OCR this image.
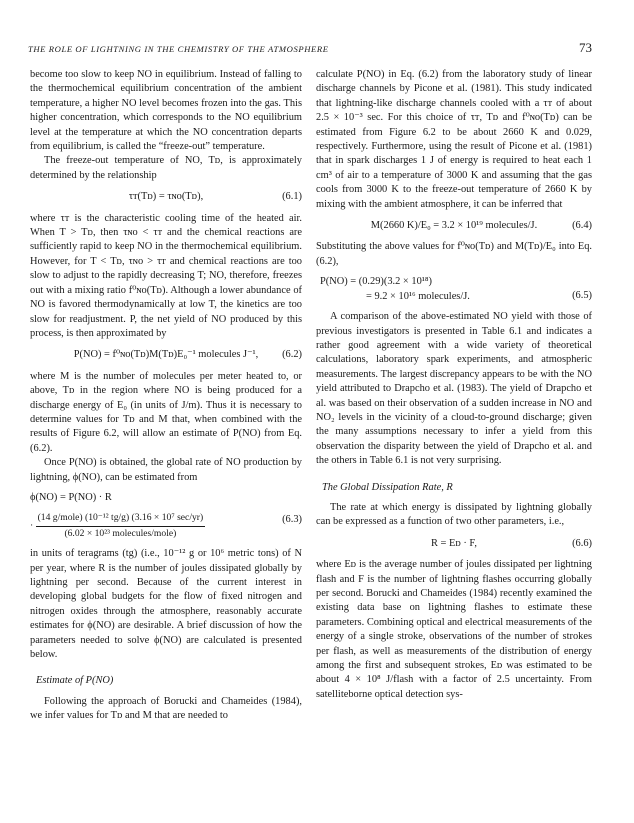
THE ROLE OF LIGHTNING IN THE CHEMISTRY OF THE ATMOSPHERE	73

become too slow to keep NO in equilibrium. Instead of falling to the thermochemical equilibrium concentration of the ambient temperature, a higher NO level becomes frozen into the gas. This higher concentration, which corresponds to the NO equilibrium level at the temperature at which the NO concentration departs from equilibrium, is called the “freeze-out” temperature.

The freeze-out temperature of NO, Tᴅ, is approximately determined by the relationship

τᴛ(Tᴅ) = τɴᴏ(Tᴅ),	(6.1)

where τᴛ is the characteristic cooling time of the heated air. When T > Tᴅ, then τɴᴏ < τᴛ and the chemical reactions are sufficiently rapid to keep NO in the thermochemical equilibrium. However, for T < Tᴅ, τɴᴏ > τᴛ and chemical reactions are too slow to adjust to the rapidly decreasing T; NO, therefore, freezes out with a mixing ratio f⁰ɴᴏ(Tᴅ). Although a lower abundance of NO is favored thermodynamically at low T, the kinetics are too slow for readjustment. P, the net yield of NO produced by this process, is then approximated by

P(NO) = f⁰ɴᴏ(Tᴅ)M(Tᴅ)E₀⁻¹ molecules J⁻¹, (6.2)

where M is the number of molecules per meter heated to, or above, Tᴅ in the region where NO is being produced for a discharge energy of E₀ (in units of J/m). Thus it is necessary to determine values for Tᴅ and M that, when combined with the results of Figure 6.2, will allow an estimate of P(NO) from Eq. (6.2).

Once P(NO) is obtained, the global rate of NO production by lightning, ϕ(NO), can be estimated from

ϕ(NO) = P(NO) · R
· $\frac{\text{(14 g/mole) (10⁻¹² tg/g) (3.16 × 10⁷ sec/yr)}}{\text{(6.02 × 10²³ molecules/mole)}}$	(6.3)

in units of teragrams (tg) (i.e., 10⁻¹² g or 10⁶ metric tons) of N per year, where R is the number of joules dissipated globally by lightning per second. Because of the current interest in developing global budgets for the flow of fixed nitrogen and nitrogen oxides through the atmosphere, reasonably accurate estimates for ϕ(NO) are desirable. A brief discussion of how the parameters needed to solve ϕ(NO) are calculated is presented below.

Estimate of P(NO)

Following the approach of Borucki and Chameides (1984), we infer values for Tᴅ and M that are needed to

calculate P(NO) in Eq. (6.2) from the laboratory study of linear discharge channels by Picone et al. (1981). This study indicated that lightning-like discharge channels cooled with a τᴛ of about 2.5 × 10⁻³ sec. For this choice of τᴛ, Tᴅ and f⁰ɴᴏ(Tᴅ) can be estimated from Figure 6.2 to be about 2660 K and 0.029, respectively. Furthermore, using the result of Picone et al. (1981) that in spark discharges 1 J of energy is required to heat each 1 cm³ of air to a temperature of 3000 K and assuming that the gas cools from 3000 K to the freeze-out temperature of 2660 K by mixing with the ambient atmosphere, it can be inferred that

M(2660 K)/E₀ = 3.2 × 10¹⁹ molecules/J.	(6.4)

Substituting the above values for f⁰ɴᴏ(Tᴅ) and M(Tᴅ)/E₀ into Eq. (6.2),

P(NO) = (0.29)(3.2 × 10¹⁸)
= 9.2 × 10¹⁶ molecules/J.	(6.5)

A comparison of the above-estimated NO yield with those of previous investigators is presented in Table 6.1 and indicates a rather good agreement with a wide variety of theoretical calculations, laboratory spark experiments, and atmospheric measurements. The largest discrepancy appears to be with the NO yield attributed to Drapcho et al. (1983). The yield of Drapcho et al. was based on their observation of a sudden increase in NO and NO₂ levels in the vicinity of a cloud-to-ground discharge; given the many assumptions necessary to infer a yield from this observation the disparity between the yield of Drapcho et al. and the others in Table 6.1 is not very surprising.

The Global Dissipation Rate, R

The rate at which energy is dissipated by lightning globally can be expressed as a function of two other parameters, i.e.,

R = Eᴅ · F,	(6.6)

where Eᴅ is the average number of joules dissipated per lightning flash and F is the number of lightning flashes occurring globally per second. Borucki and Chameides (1984) recently examined the existing data base on lightning flashes to estimate these parameters. Combining optical and electrical measurements of the energy of a single stroke, observations of the number of strokes per flash, as well as measurements of the distribution of energy among the first and subsequent strokes, Eᴅ was estimated to be about 4 × 10⁸ J/flash with a factor of 2.5 uncertainty. From satelliteborne optical detection sys-
